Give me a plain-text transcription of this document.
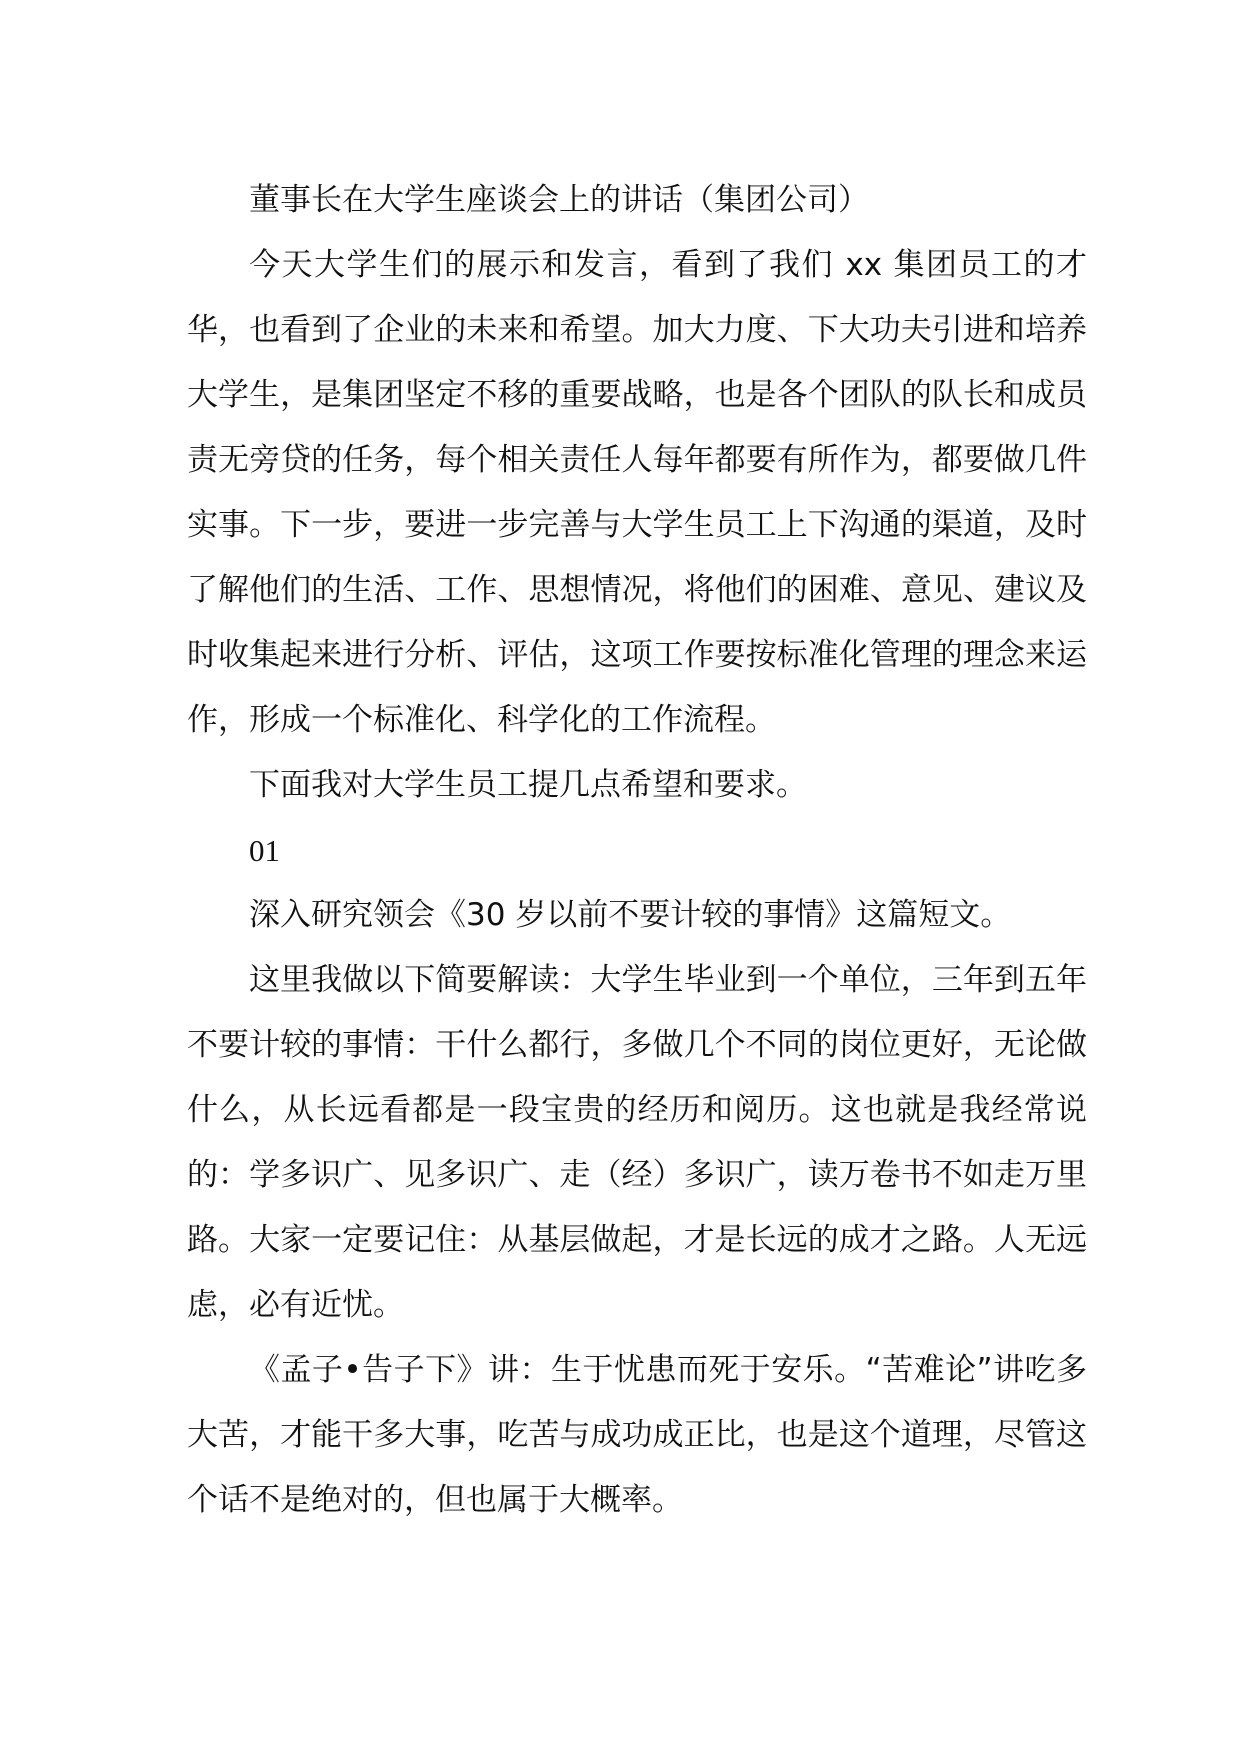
董事长在大学生座谈会上的讲话（集团公司）

今天大学生们的展示和发言，看到了我们 xx 集团员工的才华，也看到了企业的未来和希望。加大力度、下大功夫引进和培养大学生，是集团坚定不移的重要战略，也是各个团队的队长和成员责无旁贷的任务，每个相关责任人每年都要有所作为，都要做几件实事。下一步，要进一步完善与大学生员工上下沟通的渠道，及时了解他们的生活、工作、思想情况，将他们的困难、意见、建议及时收集起来进行分析、评估，这项工作要按标准化管理的理念来运作，形成一个标准化、科学化的工作流程。

下面我对大学生员工提几点希望和要求。

01

深入研究领会《30 岁以前不要计较的事情》这篇短文。

这里我做以下简要解读：大学生毕业到一个单位，三年到五年不要计较的事情：干什么都行，多做几个不同的岗位更好，无论做什么，从长远看都是一段宝贵的经历和阅历。这也就是我经常说的：学多识广、见多识广、走（经）多识广，读万卷书不如走万里路。大家一定要记住：从基层做起，才是长远的成才之路。人无远虑，必有近忧。

《孟子•告子下》讲：生于忧患而死于安乐。“苦难论”讲吃多大苦，才能干多大事，吃苦与成功成正比，也是这个道理，尽管这个话不是绝对的，但也属于大概率。
